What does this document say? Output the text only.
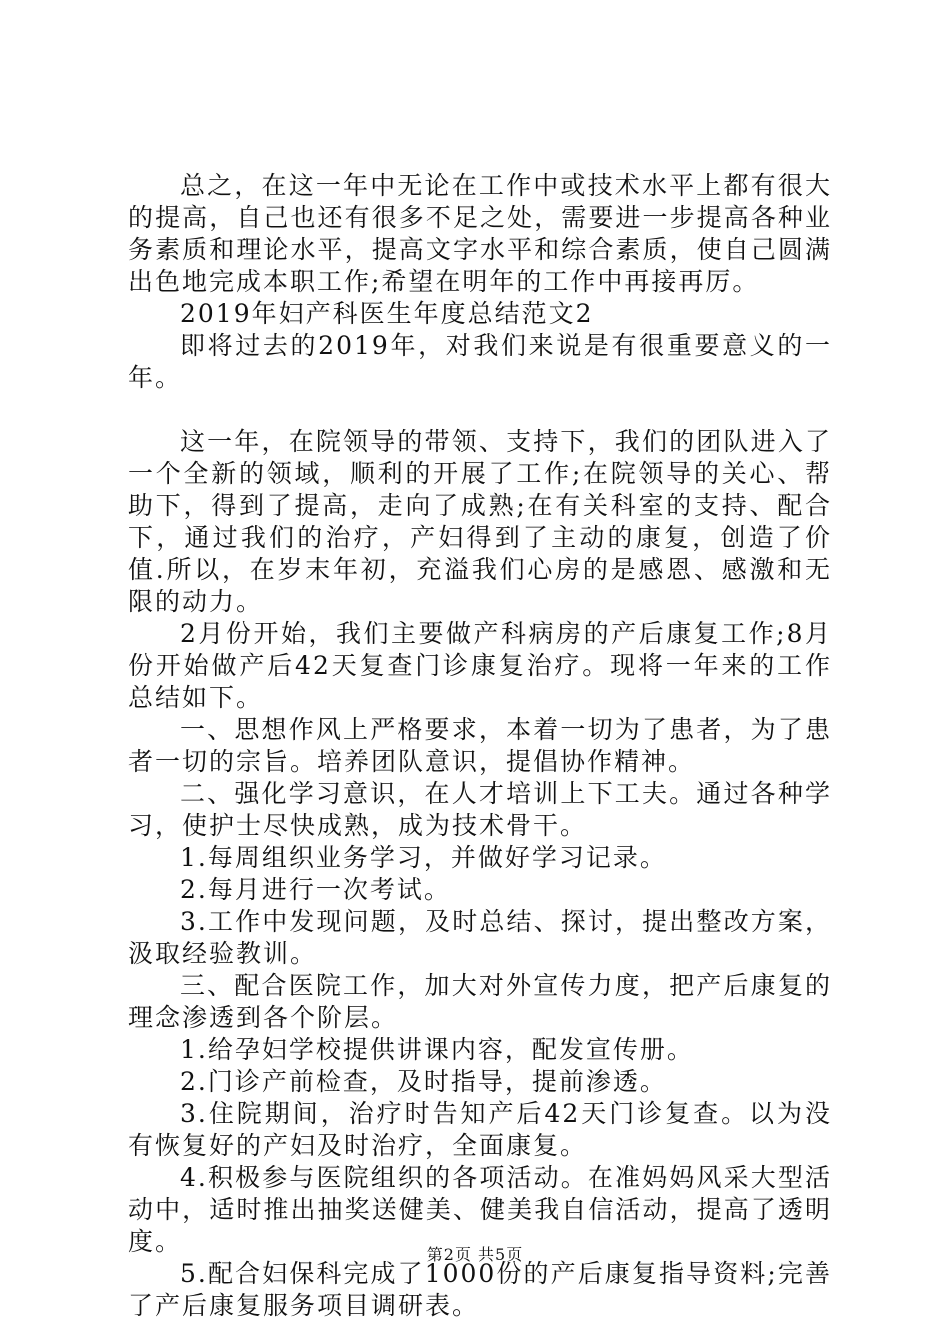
总之，在这一年中无论在工作中或技术水平上都有很大的提高，自己也还有很多不足之处，需要进一步提高各种业务素质和理论水平，提高文字水平和综合素质，使自己圆满出色地完成本职工作;希望在明年的工作中再接再厉。

2019年妇产科医生年度总结范文2

即将过去的2019年，对我们来说是有很重要意义的一年。

这一年，在院领导的带领、支持下，我们的团队进入了一个全新的领域，顺利的开展了工作;在院领导的关心、帮助下，得到了提高，走向了成熟;在有关科室的支持、配合下，通过我们的治疗，产妇得到了主动的康复，创造了价值.所以，在岁末年初，充溢我们心房的是感恩、感激和无限的动力。

2月份开始，我们主要做产科病房的产后康复工作;8月份开始做产后42天复查门诊康复治疗。现将一年来的工作总结如下。

一、思想作风上严格要求，本着一切为了患者，为了患者一切的宗旨。培养团队意识，提倡协作精神。

二、强化学习意识，在人才培训上下工夫。通过各种学习，使护士尽快成熟，成为技术骨干。

1.每周组织业务学习，并做好学习记录。

2.每月进行一次考试。

3.工作中发现问题，及时总结、探讨，提出整改方案，汲取经验教训。

三、配合医院工作，加大对外宣传力度，把产后康复的理念渗透到各个阶层。

1.给孕妇学校提供讲课内容，配发宣传册。

2.门诊产前检查，及时指导，提前渗透。

3.住院期间，治疗时告知产后42天门诊复查。以为没有恢复好的产妇及时治疗，全面康复。

4.积极参与医院组织的各项活动。在准妈妈风采大型活动中，适时推出抽奖送健美、健美我自信活动，提高了透明度。

5.配合妇保科完成了1000份的产后康复指导资料;完善了产后康复服务项目调研表。

第2页 共5页
